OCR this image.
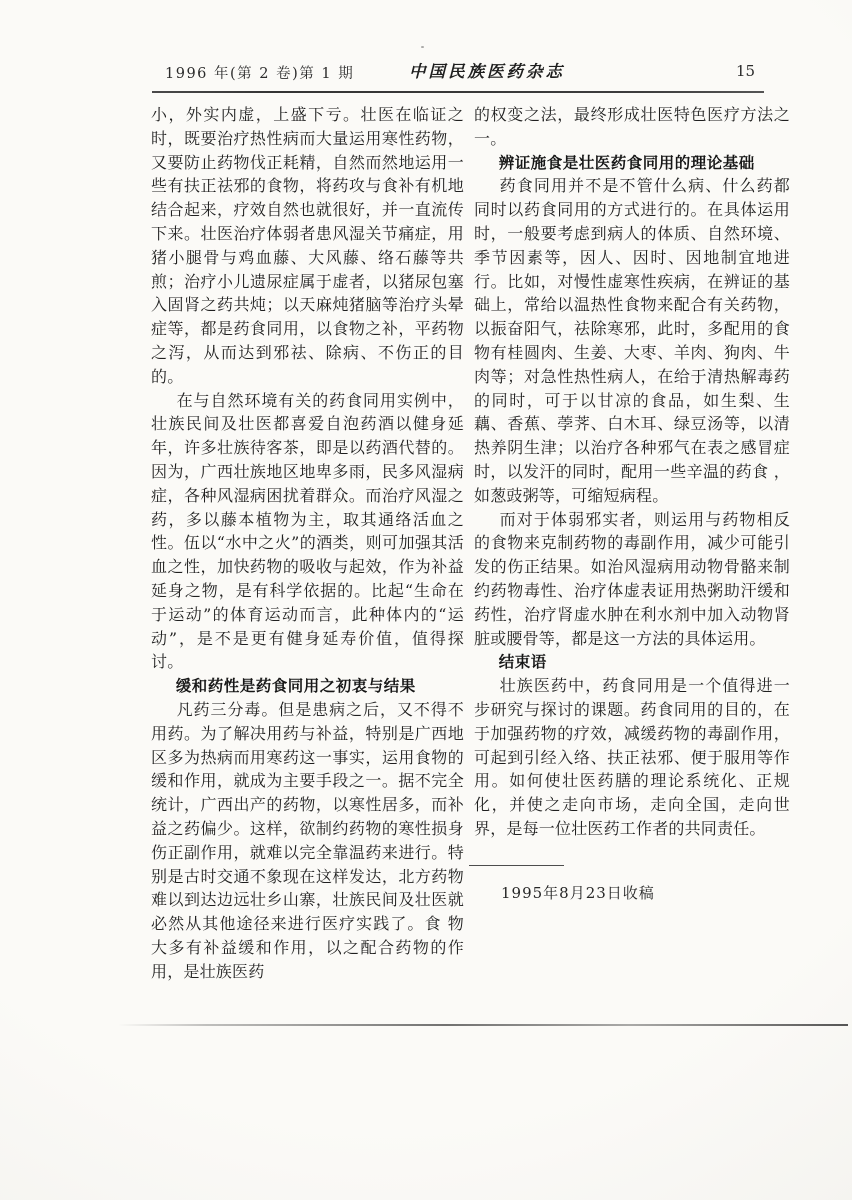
1996 年(第 2 卷)第 1 期	中国民族医药杂志	15

小，外实内虚，上盛下亏。壮医在临证之时，既要治疗热性病而大量运用寒性药物，又要防止药物伐正耗精，自然而然地运用一些有扶正祛邪的食物，将药攻与食补有机地结合起来，疗效自然也就很好，并一直流传下来。壮医治疗体弱者患风湿关节痛症，用猪小腿骨与鸡血藤、大风藤、络石藤等共煎；治疗小儿遗尿症属于虚者，以猪尿包塞入固肾之药共炖；以天麻炖猪脑等治疗头晕症等，都是药食同用，以食物之补，平药物之泻，从而达到邪祛、除病、不伤正的目的。

在与自然环境有关的药食同用实例中，壮族民间及壮医都喜爱自泡药酒以健身延年，许多壮族待客茶，即是以药酒代替的。因为，广西壮族地区地卑多雨，民多风湿病症，各种风湿病困扰着群众。而治疗风湿之药，多以藤本植物为主，取其通络活血之性。伍以“水中之火”的酒类，则可加强其活血之性，加快药物的吸收与起效，作为补益延身之物，是有科学依据的。比起“生命在于运动”的体育运动而言，此种体内的“运动”，是不是更有健身延寿价值，值得探讨。

缓和药性是药食同用之初衷与结果

凡药三分毒。但是患病之后，又不得不用药。为了解决用药与补益，特别是广西地区多为热病而用寒药这一事实，运用食物的缓和作用，就成为主要手段之一。据不完全统计，广西出产的药物，以寒性居多，而补益之药偏少。这样，欲制约药物的寒性损身伤正副作用，就难以完全靠温药来进行。特别是古时交通不象现在这样发达，北方药物难以到达边远壮乡山寨，壮族民间及壮医就必然从其他途径来进行医疗实践了。食 物大多有补益缓和作用，以之配合药物的作用，是壮族医药

的权变之法，最终形成壮医特色医疗方法之一。

辨证施食是壮医药食同用的理论基础

药食同用并不是不管什么病、什么药都同时以药食同用的方式进行的。在具体运用时，一般要考虑到病人的体质、自然环境、季节因素等，因人、因时、因地制宜地进行。比如，对慢性虚寒性疾病，在辨证的基础上，常给以温热性食物来配合有关药物，以振奋阳气，祛除寒邪，此时，多配用的食物有桂圆肉、生姜、大枣、羊肉、狗肉、牛肉等；对急性热性病人，在给于清热解毒药的同时，可于以甘凉的食品，如生梨、生藕、香蕉、荸荠、白木耳、绿豆汤等，以清热养阴生津；以治疗各种邪气在表之感冒症时，以发汗的同时，配用一些辛温的药食 ，如葱豉粥等，可缩短病程。

而对于体弱邪实者，则运用与药物相反的食物来克制药物的毒副作用，减少可能引发的伤正结果。如治风湿病用动物骨骼来制约药物毒性、治疗体虚表证用热粥助汗缓和药性，治疗肾虚水肿在利水剂中加入动物肾脏或腰骨等，都是这一方法的具体运用。

结束语

壮族医药中，药食同用是一个值得进一步研究与探讨的课题。药食同用的目的，在于加强药物的疗效，减缓药物的毒副作用，可起到引经入络、扶正祛邪、便于服用等作用。如何使壮医药膳的理论系统化、正规化，并使之走向市场，走向全国，走向世界，是每一位壮医药工作者的共同责任。

1995年8月23日收稿
